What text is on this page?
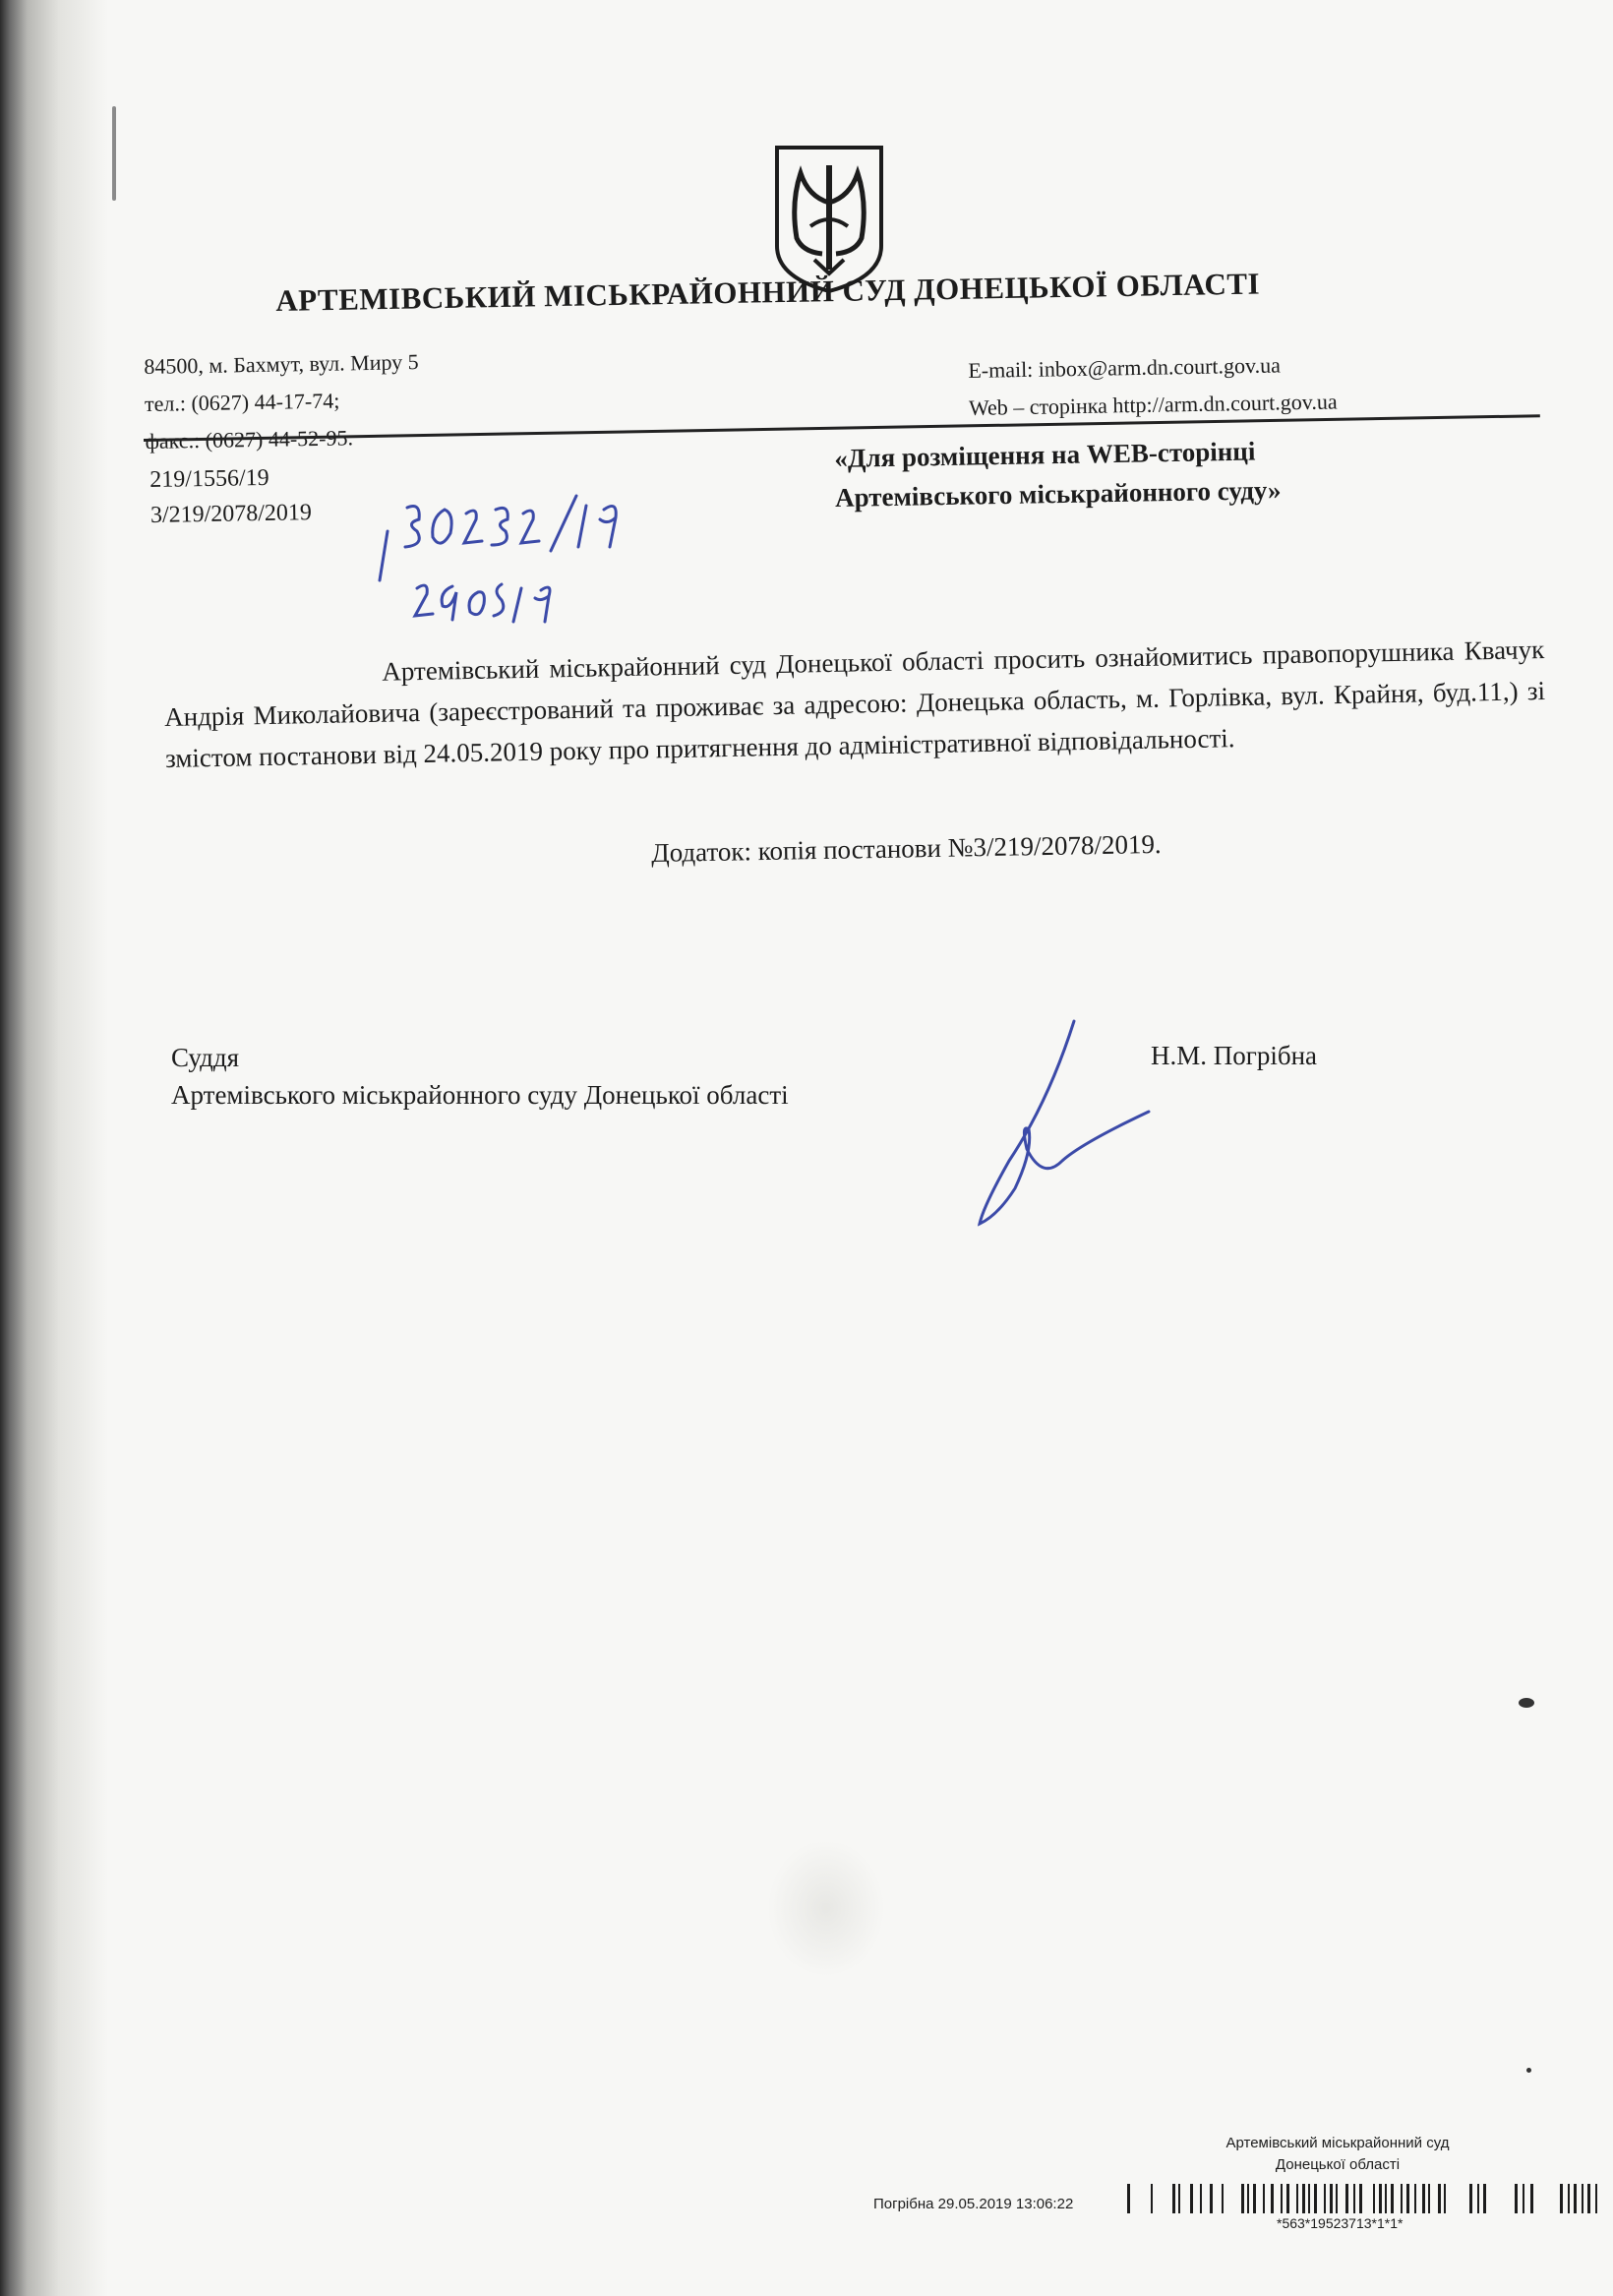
АРТЕМІВСЬКИЙ МІСЬКРАЙОННИЙ СУД ДОНЕЦЬКОЇ ОБЛАСТІ
84500, м. Бахмут, вул. Миру 5
тел.: (0627) 44-17-74;
факс.: (0627) 44-52-95.
E-mail: inbox@arm.dn.court.gov.ua
Web – сторінка http://arm.dn.court.gov.ua
219/1556/19
3/219/2078/2019
«Для розміщення на WEB-сторінці
Артемівського міськрайонного суду»
Артемівський міськрайонний суд Донецької області просить ознайомитись правопорушника Квачук Андрія Миколайовича (зареєстрований та проживає за адресою: Донецька область, м. Горлівка, вул. Крайня, буд.11,) зі змістом постанови від 24.05.2019 року про притягнення до адміністративної відповідальності.
Додаток: копія постанови №3/219/2078/2019.
Суддя
Артемівського міськрайонного суду Донецької області
Н.М. Погрібна
Артемівський міськрайонний суд
Донецької області
Погрібна 29.05.2019 13:06:22
*563*19523713*1*1*
